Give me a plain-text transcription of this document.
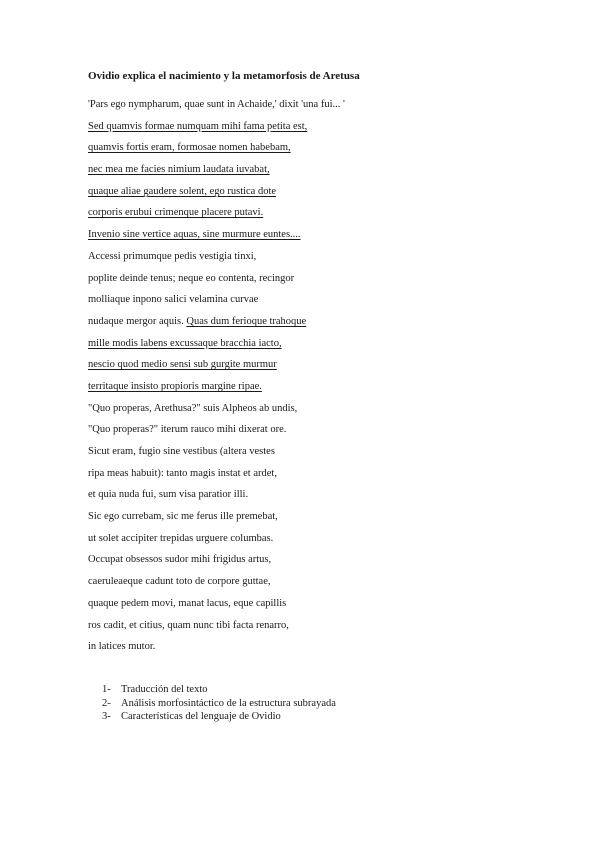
Ovidio explica el nacimiento y la metamorfosis de Aretusa
'Pars ego nympharum, quae sunt in Achaide,' dixit 'una fui... '
Sed quamvis formae numquam mihi fama petita est,
quamvis fortis eram, formosae nomen habebam,
nec mea me facies nimium laudata iuvabat,
quaque aliae gaudere solent, ego rustica dote
corporis erubui crimenque placere putavi.
Invenio sine vertice aquas, sine murmure euntes....
Accessi primumque pedis vestigia tinxi,
poplite deinde tenus; neque eo contenta, recingor
molliaque inpono salici velamina curvae
nudaque mergor aquis. Quas dum ferioque trahoque
mille modis labens excussaque bracchia iacto,
nescio quod medio sensi sub gurgite murmur
territaque insisto propioris margine ripae.
"Quo properas, Arethusa?" suis Alpheos ab undis,
"Quo properas?" iterum rauco mihi dixerat ore.
Sicut eram, fugio sine vestibus (altera vestes
ripa meas habuit): tanto magis instat et ardet,
et quia nuda fui, sum visa paratior illi.
Sic ego currebam, sic me ferus ille premebat,
ut solet accipiter trepidas urguere columbas.
Occupat obsessos sudor mihi frigidus artus,
caeruleaeque cadunt toto de corpore guttae,
quaque pedem movi, manat lacus, eque capillis
ros cadit, et citius, quam nunc tibi facta renarro,
in latices mutor.
1- Traducción del texto
2- Análisis morfosintáctico de la estructura subrayada
3- Características del lenguaje de Ovidio
